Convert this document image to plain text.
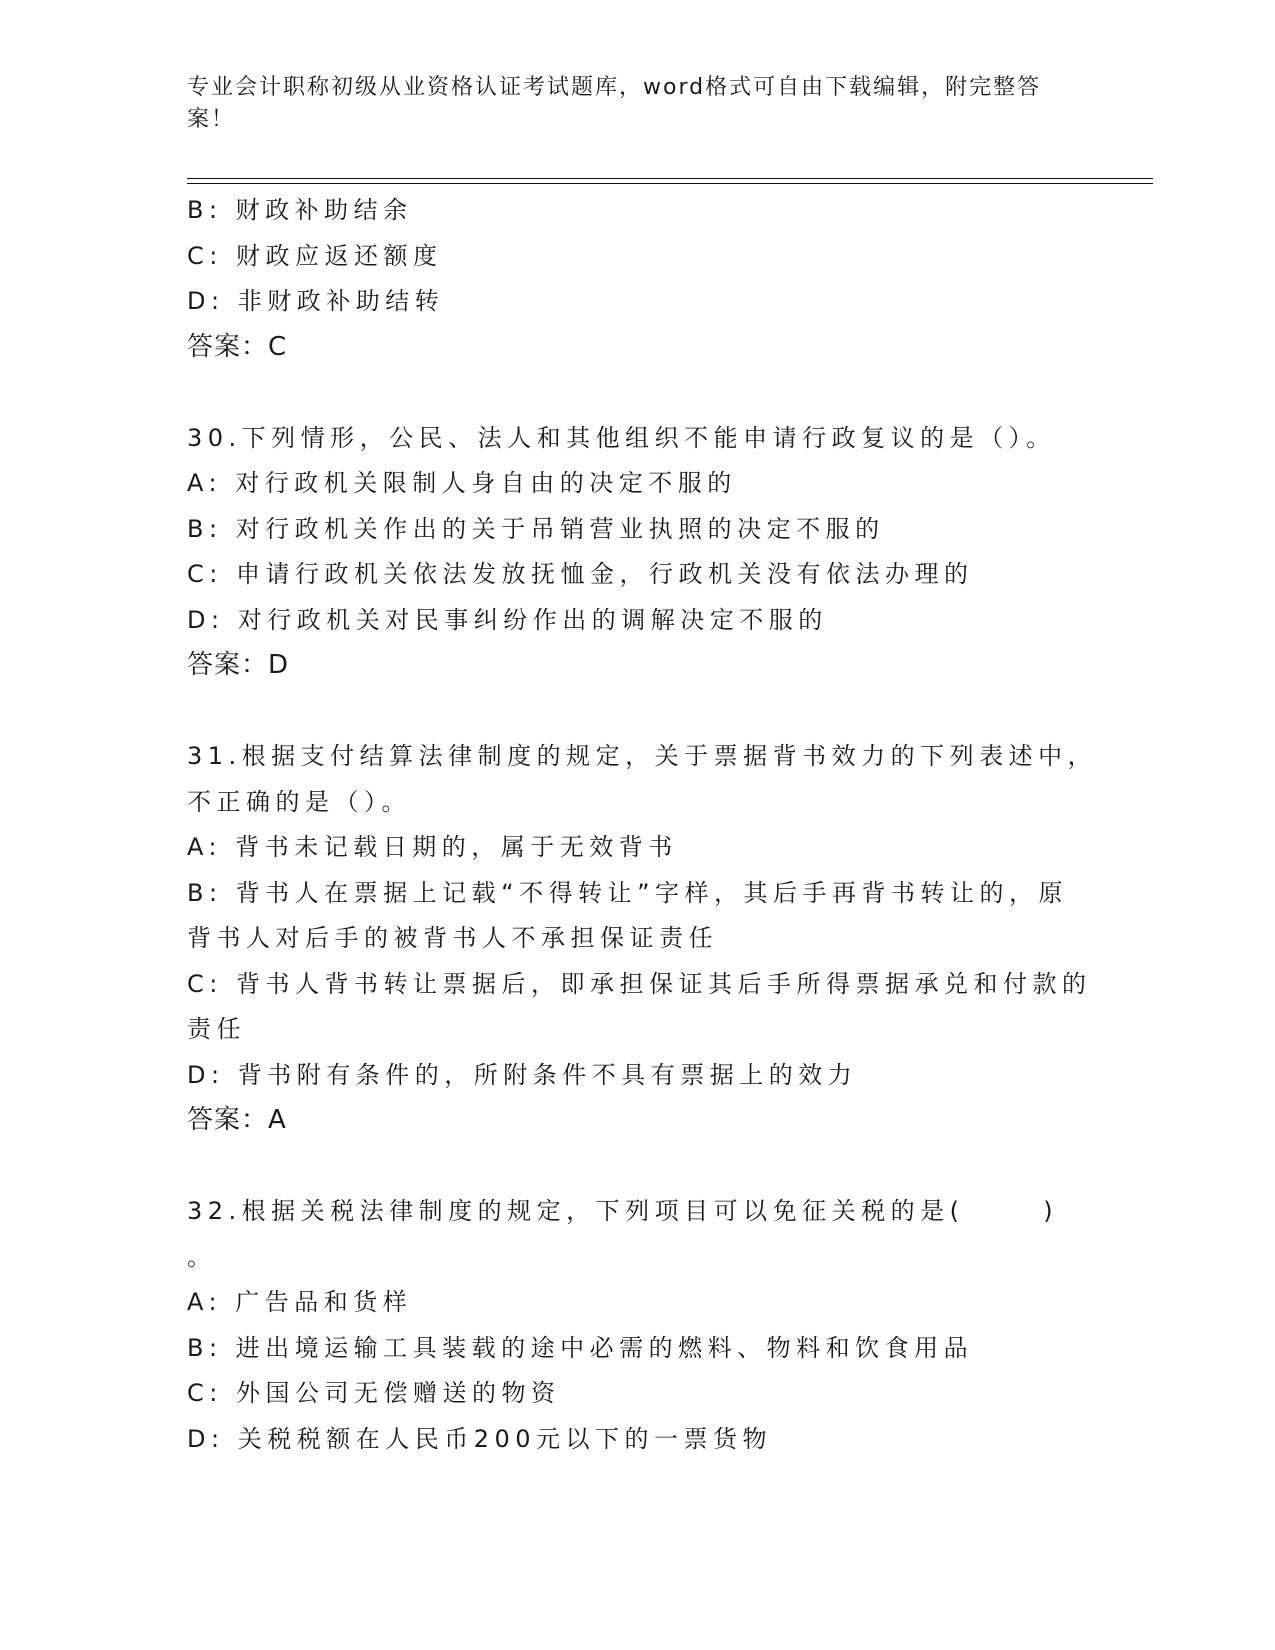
专业会计职称初级从业资格认证考试题库，word格式可自由下载编辑，附完整答案！

B: 财政补助结余

C: 财政应返还额度

D: 非财政补助结转

答案：C

30.下列情形，公民、法人和其他组织不能申请行政复议的是（）。

A: 对行政机关限制人身自由的决定不服的

B: 对行政机关作出的关于吊销营业执照的决定不服的

C: 申请行政机关依法发放抚恤金，行政机关没有依法办理的

D: 对行政机关对民事纠纷作出的调解决定不服的

答案：D

31.根据支付结算法律制度的规定，关于票据背书效力的下列表述中，

不正确的是（）。

A: 背书未记载日期的，属于无效背书

B: 背书人在票据上记载“不得转让”字样，其后手再背书转让的，原

背书人对后手的被背书人不承担保证责任

C: 背书人背书转让票据后，即承担保证其后手所得票据承兑和付款的

责任

D: 背书附有条件的，所附条件不具有票据上的效力

答案：A

32.根据关税法律制度的规定，下列项目可以免征关税的是(      )

。

A: 广告品和货样

B: 进出境运输工具装载的途中必需的燃料、物料和饮食用品

C: 外国公司无偿赠送的物资

D: 关税税额在人民币200元以下的一票货物
